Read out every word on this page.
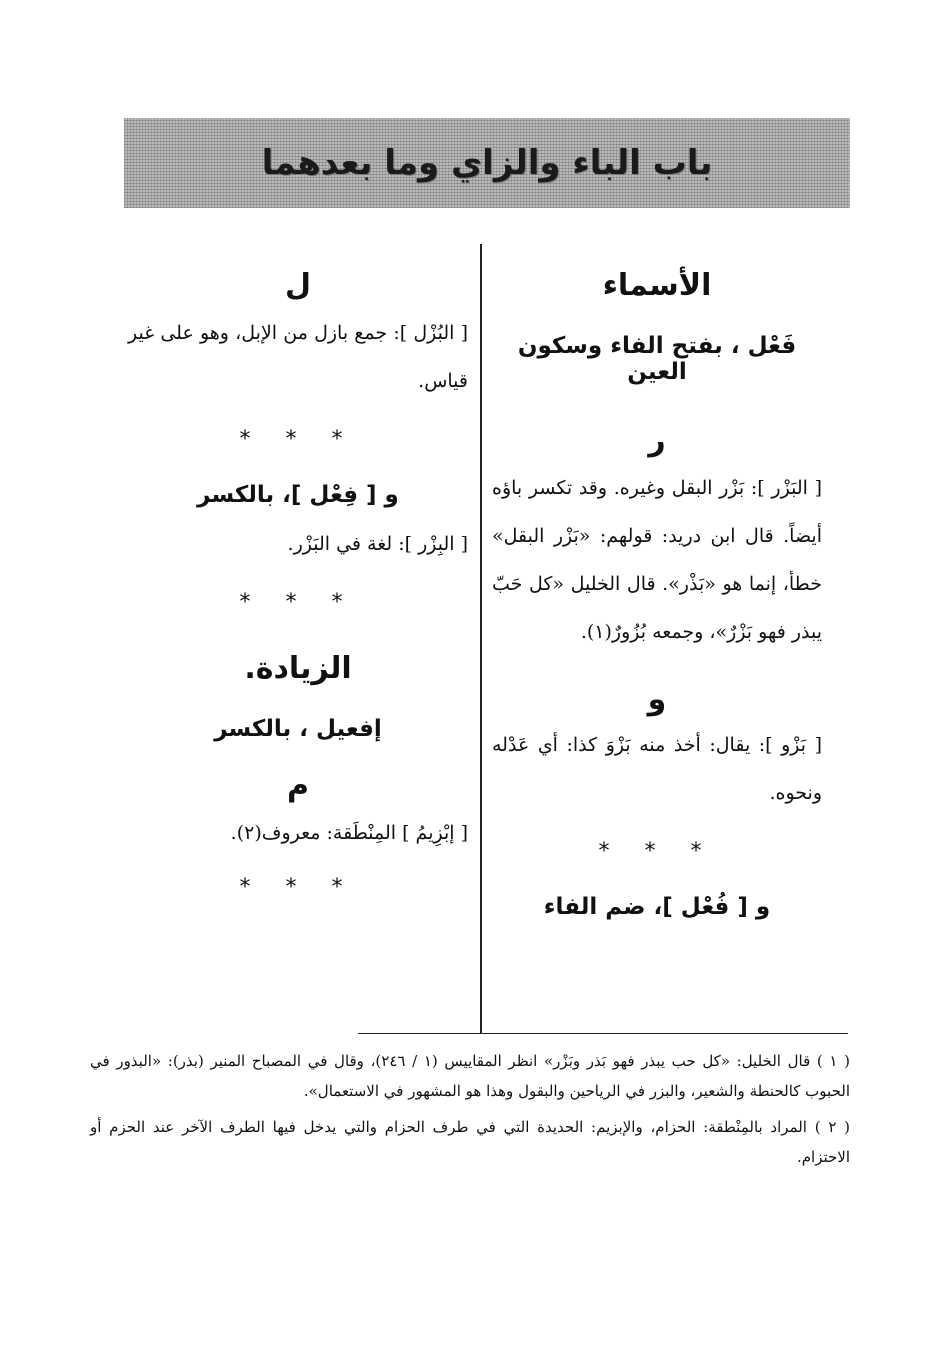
باب الباء والزاي وما بعدهما

الأسماء

فَعْل ، بفتح الفاء وسكون العين

ر

[ البَزْر ]: بَزْر البقل وغيره. وقد تكسر باؤه أيضاً. قال ابن دريد: قولهم: «بَزْر البقل» خطأ، إنما هو «بَذْر». قال الخليل «كل حَبّ يبذر فهو بَزْرٌ»، وجمعه بُزُورٌ(١).

و

[ بَزْو ]: يقال: أخذ منه بَزْوَ كذا: أي عَدْله ونحوه.

* * *

و [ فُعْل ]، ضم الفاء

ل

[ البُزْل ]: جمع بازل من الإبل، وهو على غير قياس.

* * *

و [ فِعْل ]، بالكسر

[ البِزْر ]: لغة في البَزْر.

* * *

الزيادة.

إفعيل ، بالكسر

م

[ إبْزِيمُ ] المِنْطَقة: معروف(٢).

* * *

( ١ ) قال الخليل: «كل حب يبذر فهو بَذر وبَزْر» انظر المقاييس (١ / ٢٤٦)، وقال في المصباح المنير (بذر): «البذور في الحبوب كالحنطة والشعير، والبزر في الرياحين والبقول وهذا هو المشهور في الاستعمال».

( ٢ ) المراد بالمِنْطقة: الحزام، والإبزيم: الحديدة التي في طرف الحزام والتي يدخل فيها الطرف الآخر عند الحزم أو الاحتزام.
